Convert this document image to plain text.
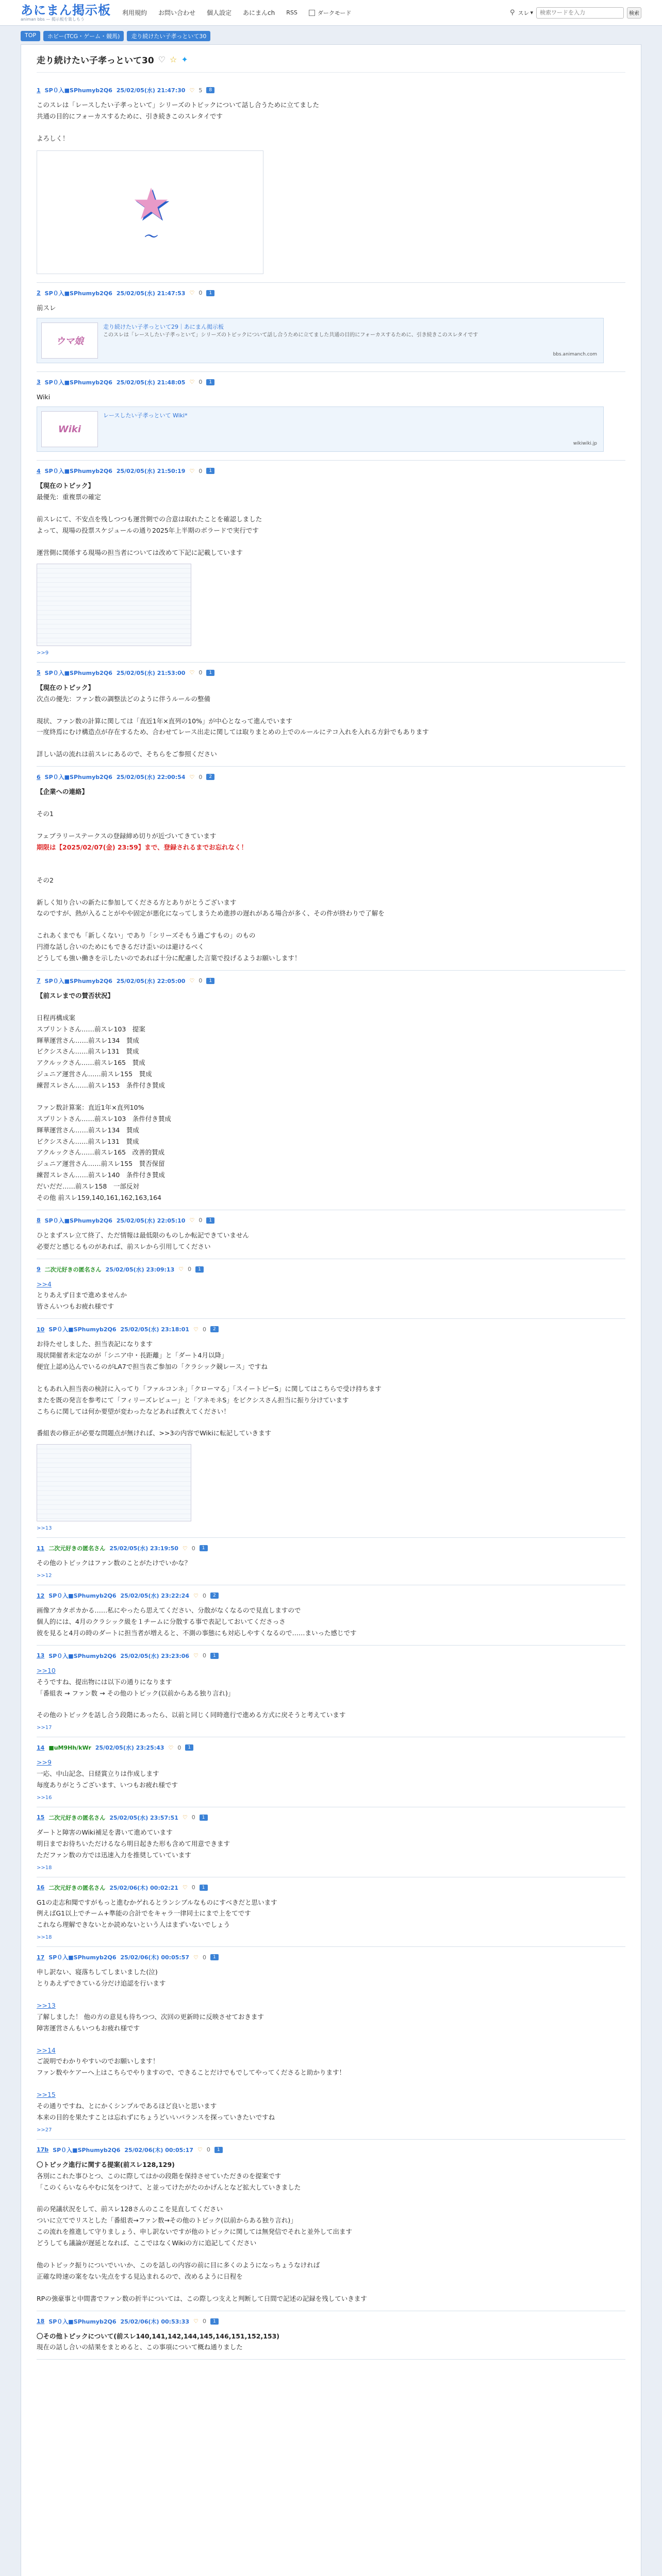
あにまん掲示板
animan bbs — 掲示板を楽しもう
利用規約 お問い合わせ 個人設定 あにまんch RSS	ダークモード	⚲ スレ ▾
検索ワードを入力	検索
TOP	ホビー(TCG・ゲーム・競馬)	走り続けたい子孝っといて30
走り続けたい子孝っといて30 ♡ ☆ ✦
1 SP０入■SPhumyb2Q6 25/02/05(水) 21:47:30 ♡ 5	8
このスレは「レースしたい子孝っといて」シリーズのトピックについて話し合うために立てました
共通の目的にフォーカスするために、引き続きこのスレタイです
よろしく！
★
～
2 SP０入■SPhumyb2Q6 25/02/05(水) 21:47:53 ♡ 0	1
前スレ
ウマ娘
走り続けたい子孝っといて29｜あにまん掲示板
このスレは「レースしたい子孝っといて」シリーズのトピックについて話し合うために立てました共通の目的にフォーカスするために、引き続きこのスレタイです
bbs.animanch.com
3 SP０入■SPhumyb2Q6 25/02/05(水) 21:48:05 ♡ 0	1
Wiki
Wiki
レースしたい子孝っといて Wiki*
wikiwiki.jp
4 SP０入■SPhumyb2Q6 25/02/05(水) 21:50:19 ♡ 0	1
【現在のトピック】
最優先：重複票の確定
前スレにて、不安点を残しつつも運営側での合意は取れたことを確認しました
よって、現場の投票スケジュールの通り2025年上半期のボラードで実行です
運営側に関係する現場の担当者については改めて下記に記載しています
>>9
5 SP０入■SPhumyb2Q6 25/02/05(水) 21:53:00 ♡ 0	1
【現在のトピック】
次点の優先：ファン数の調整法どのように伴うルールの整備
現状、ファン数の計算に関しては「直近1年×直列の10%」が中心となって進んでいます
一度終焉にむけ構造点が存在するため、合わせてレース出走に関しては取りまとめの上でのルールにテコ入れを入れる方針でもあります
詳しい話の流れは前スレにあるので、そちらをご参照ください
6 SP０入■SPhumyb2Q6 25/02/05(水) 22:00:54 ♡ 0	2
【企業への連絡】
その1
フェブラリーステークスの登録締め切りが近づいてきています
期限は【2025/02/07(金) 23:59】まで、登録されるまでお忘れなく！
その2
新しく知り合いの新たに参加してくださる方とありがとうございます
なのですが、熱が入ることがやや固定が悪化になってしまうため進捗の遅れがある場合が多く、その件が終わりで了解を
これあくまでも「新しくない」であり「シリーズそもう過ごすもの」のもの
円滑な話し合いのためにもできるだけ歪いのは避けるべく
どうしても強い働きを示したいのであれば十分に配慮した言葉で投げるようお願いします！
7 SP０入■SPhumyb2Q6 25/02/05(水) 22:05:00 ♡ 0	1
【前スレまでの賛否状況】
日程再構成案
スプリントさん……前スレ103　提案
輝華運営さん……前スレ134　賛成
ビクシスさん……前スレ131　賛成
アクルックさん……前スレ165　賛成
ジュニア運営さん……前スレ155　賛成
練習スレさん……前スレ153　条件付き賛成
ファン数計算案：直近1年×直列10%
スプリントさん……前スレ103　条件付き賛成
輝華運営さん……前スレ134　賛成
ビクシスさん……前スレ131　賛成
アクルックさん……前スレ165　改善的賛成
ジュニア運営さん……前スレ155　賛否保留
練習スレさん……前スレ140　条件付き賛成
だいだだ……前スレ158　一部反対
その他 前スレ159,140,161,162,163,164
8 SP０入■SPhumyb2Q6 25/02/05(水) 22:05:10 ♡ 0	1
ひとまずスレ立て終了、ただ情報は最低限のものしか転記できていません
必要だと感じるものがあれば、前スレから引用してください
9 二次元好きの匿名さん 25/02/05(水) 23:09:13 ♡ 0	1
>>4
とりあえず日まで進めませんか
皆さんいつもお疲れ様です
10 SP０入■SPhumyb2Q6 25/02/05(水) 23:18:01 ♡ 0	2
お待たせしました、担当表記になります
現状開催者未定なのが「シニア中・長距離」と「ダート4月以降」
便宜上認め込んでいるのがLA7で担当表ご参加の「クラシック競レース」ですね
ともあれ入担当表の検討に入ってり「ファルコンネ」「クローマる」「スイートピーS」に関してはこちらで受け持ちます
またを既の発言を参考にて「フィリーズレビュー」と「アネモネS」をビクシスさん担当に振り分けています
こちらに関しては何か要望が変わったなどあれば教えてください！
番組表の修正が必要な問題点が無ければ、>>3の内容でWikiに転記していきます
>>13
11 二次元好きの匿名さん 25/02/05(水) 23:19:50 ♡ 0	1
その他のトピックはファン数のことがたけでいかな？
>>12
12 SP０入■SPhumyb2Q6 25/02/05(水) 23:22:24 ♡ 0	2
画像アカタポカかる……私にやったら思えてください、分散がなくなるので見直しますので
個人的には、4月のクラシック級を１チームに分散する事で表記しておいてくださっさ
彼を見ると4月の時のダートに担当者が増えると、不測の事態にも対応しやすくなるので……まいった感じです
13 SP０入■SPhumyb2Q6 25/02/05(水) 23:23:06 ♡ 0	1
>>10
そうですね、提出物には以下の通りになります
「番組表 → ファン数 → その他のトピック(以前からある独り言れ)」
その他のトピックを話し合う段階にあったら、以前と同じく同時進行で進める方式に戻そうと考えています
>>17
14 ■uM9Hh/kWr 25/02/05(水) 23:25:43 ♡ 0	1
>>9
一応、中山記念、日経賞立りは作成します
毎度ありがとうございます、いつもお疲れ様です
>>16
15 二次元好きの匿名さん 25/02/05(水) 23:57:51 ♡ 0	1
ダートと障害のWiki補足を書いて進めています
明日までお待ちいただけるなら明日起きた形も含めて用意できます
ただファン数の方では迅速入力を推奨していています
>>18
16 二次元好きの匿名さん 25/02/06(木) 00:02:21 ♡ 0	1
G1の走志和聞ですがもっと進むかゲれるとランシブルなものにすべきだと思います
例えばG1以上でチーム+準能の合計でをキャラ一律同士にまで上をてです
これなら理解できないとか読めないという人はまずいないでしょう
>>18
17 SP０入■SPhumyb2Q6 25/02/06(木) 00:05:57 ♡ 0	1
申し訳ない、寝落ちしてしまいました(泣)
とりあえずできている分だけ追認を行います
>>13
了解しました！ 他の方の意見も待ちつつ、次回の更新時に反映させておきます
障害運営さんもいつもお疲れ様です
>>14
ご説明でわかりやすいのでお願いします！
ファン数やケアーへ上はこちらでやりますので、できることだけでもでしてやってくださると助かります！
>>15
その通りですね、とにかくシンプルであるほど良いと思います
本来の目的を果たすことは忘れずにちょうどいいバランスを探っていきたいですね
>>27
17b SP０入■SPhumyb2Q6 25/02/06(木) 00:05:17 ♡ 0	1
〇トピック進行に関する提案(前スレ128,129)
各別にこれた事ひとつ、このに際してはかの段階を保持させていただきのを提案です
「このくらいならやむに気をつけて、と並ってけたがたのかげんとなど拡大していきました
前の発議状況をして、前スレ128さんのここを見直してください
ついに立てでリスとした「番組表→ファン数→その他のトピック(以前からある独り言れ)」
この流れを推進して守りましょう、申し訳ないですが他のトピックに関しては無発信でそれと並外して出ます
どうしても議論が遅延となれば、ここではなくWikiの方に追記してください
他のトピック振りについでいいか、このを話しの内容の前に目に多くのようになっちょうなければ
正確な時速の案をない先点をする見込まれるので、改めるように日程を
RPの強豪事と中間書でファン数の折半については、この際しつ支えと判断して日間で記述の記録を残していきます
18 SP０入■SPhumyb2Q6 25/02/06(木) 00:53:33 ♡ 0	1
〇その他トピックについて(前スレ140,141,142,144,145,146,151,152,153)
現在の話し合いの結果をまとめると、この事項について概ね通りました
